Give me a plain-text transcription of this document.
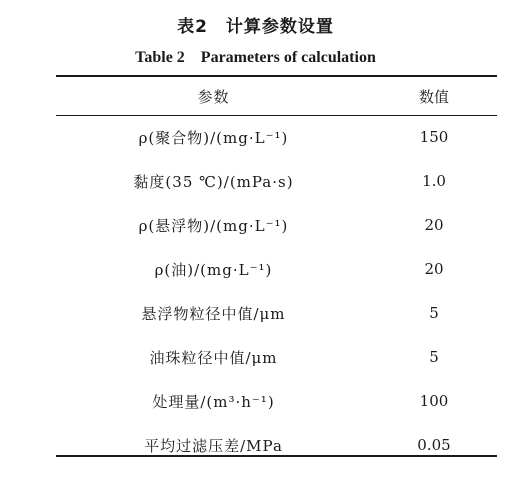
表2　计算参数设置
Table 2　Parameters of calculation
参数	数值
ρ(聚合物)/(mg·L⁻¹)	150
黏度(35 ℃)/(mPa·s)	1.0
ρ(悬浮物)/(mg·L⁻¹)	20
ρ(油)/(mg·L⁻¹)	20
悬浮物粒径中值/μm	5
油珠粒径中值/μm	5
处理量/(m³·h⁻¹)	100
平均过滤压差/MPa	0.05
